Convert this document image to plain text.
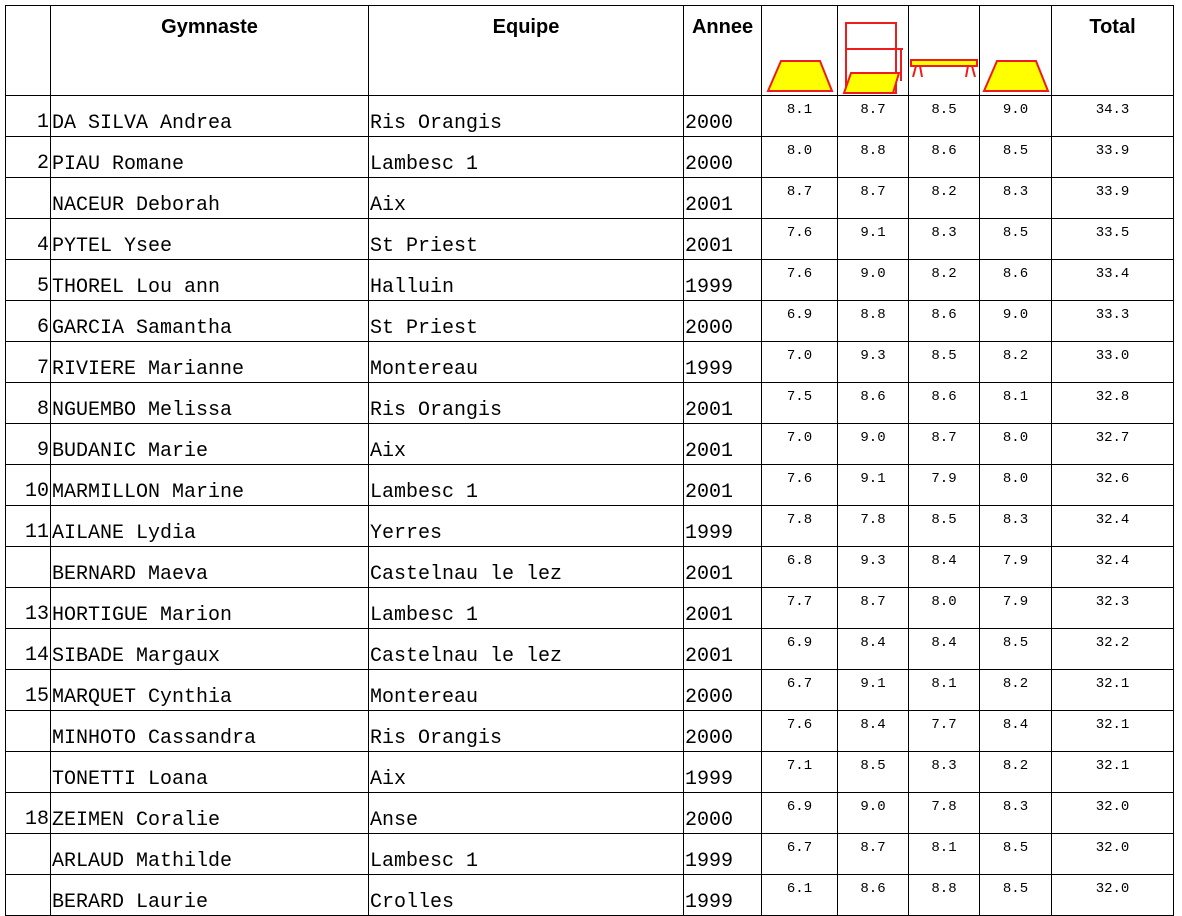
	Gymnaste	Equipe	Annee					Total
1	DA SILVA Andrea	Ris Orangis	2000	8.1	8.7	8.5	9.0	34.3
2	PIAU Romane	Lambesc 1	2000	8.0	8.8	8.6	8.5	33.9
	NACEUR Deborah	Aix	2001	8.7	8.7	8.2	8.3	33.9
4	PYTEL Ysee	St Priest	2001	7.6	9.1	8.3	8.5	33.5
5	THOREL Lou ann	Halluin	1999	7.6	9.0	8.2	8.6	33.4
6	GARCIA Samantha	St Priest	2000	6.9	8.8	8.6	9.0	33.3
7	RIVIERE Marianne	Montereau	1999	7.0	9.3	8.5	8.2	33.0
8	NGUEMBO Melissa	Ris Orangis	2001	7.5	8.6	8.6	8.1	32.8
9	BUDANIC Marie	Aix	2001	7.0	9.0	8.7	8.0	32.7
10	MARMILLON Marine	Lambesc 1	2001	7.6	9.1	7.9	8.0	32.6
11	AILANE Lydia	Yerres	1999	7.8	7.8	8.5	8.3	32.4
	BERNARD Maeva	Castelnau le lez	2001	6.8	9.3	8.4	7.9	32.4
13	HORTIGUE Marion	Lambesc 1	2001	7.7	8.7	8.0	7.9	32.3
14	SIBADE Margaux	Castelnau le lez	2001	6.9	8.4	8.4	8.5	32.2
15	MARQUET Cynthia	Montereau	2000	6.7	9.1	8.1	8.2	32.1
	MINHOTO Cassandra	Ris Orangis	2000	7.6	8.4	7.7	8.4	32.1
	TONETTI Loana	Aix	1999	7.1	8.5	8.3	8.2	32.1
18	ZEIMEN Coralie	Anse	2000	6.9	9.0	7.8	8.3	32.0
	ARLAUD Mathilde	Lambesc 1	1999	6.7	8.7	8.1	8.5	32.0
	BERARD Laurie	Crolles	1999	6.1	8.6	8.8	8.5	32.0
